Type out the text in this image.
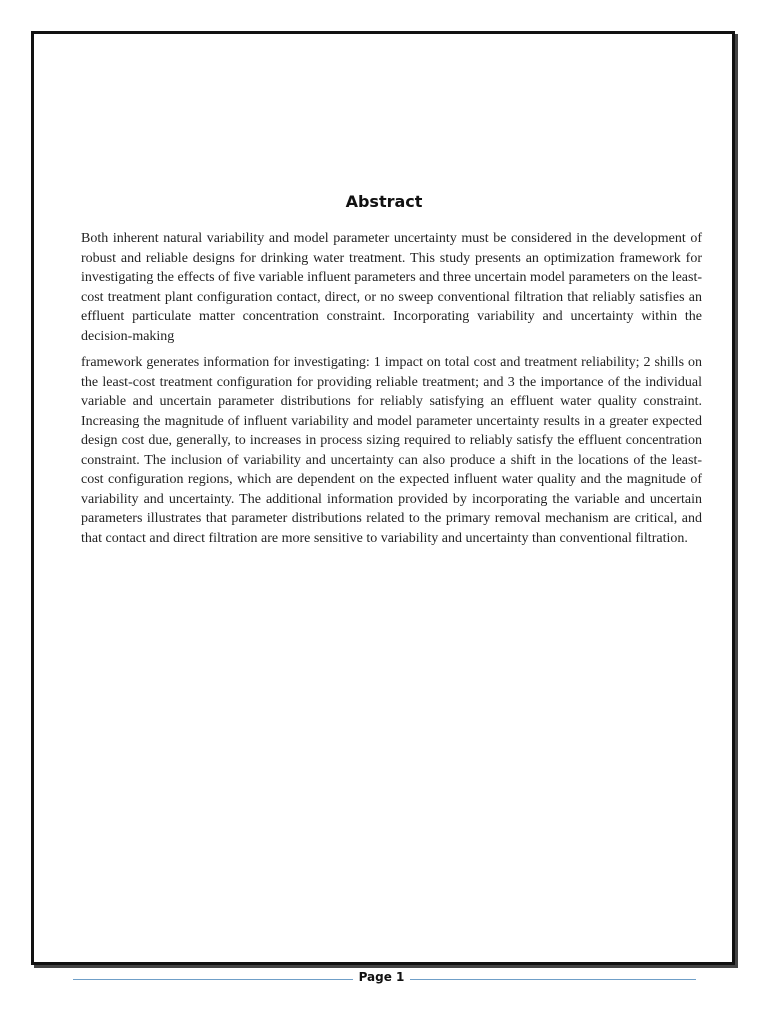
Abstract

Both inherent natural variability and model parameter uncertainty must be considered in the development of robust and reliable designs for drinking water treatment. This study presents an optimization framework for investigating the effects of five variable influent parameters and three uncertain model parameters on the least-cost treatment plant configuration contact, direct, or no sweep conventional filtration that reliably satisfies an effluent particulate matter concentration constraint. Incorporating variability and uncertainty within the decision-making

framework generates information for investigating: 1 impact on total cost and treatment reliability; 2 shills on the least-cost treatment configuration for providing reliable treatment; and 3 the importance of the individual variable and uncertain parameter distributions for reliably satisfying an effluent water quality constraint. Increasing the magnitude of influent variability and model parameter uncertainty results in a greater expected design cost due, generally, to increases in process sizing required to reliably satisfy the effluent concentration constraint. The inclusion of variability and uncertainty can also produce a shift in the locations of the least-cost configuration regions, which are dependent on the expected influent water quality and the magnitude of variability and uncertainty. The additional information provided by incorporating the variable and uncertain parameters illustrates that parameter distributions related to the primary removal mechanism are critical, and that contact and direct filtration are more sensitive to variability and uncertainty than conventional filtration.

Page 1
